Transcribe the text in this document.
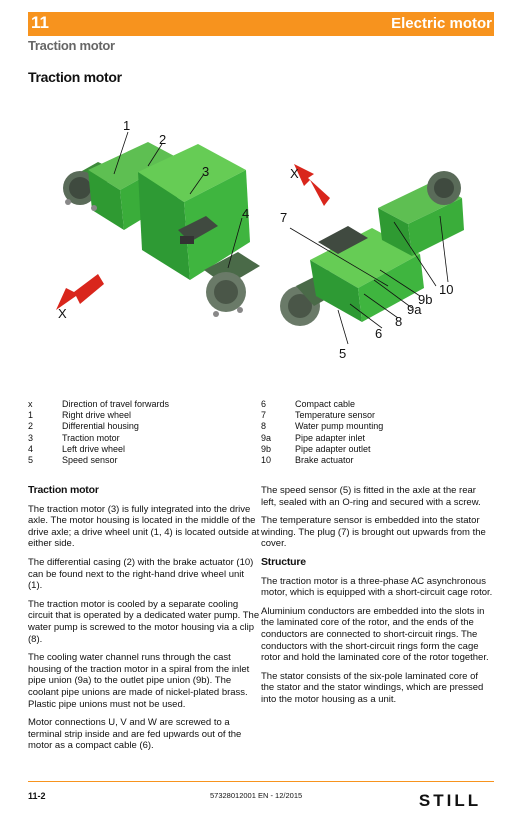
11	Electric motor
Traction motor
Traction motor
1
2
3
4
X
X
7
10
9b
9a
8
6
5
x	Direction of travel forwards
1	Right drive wheel
2	Differential housing
3	Traction motor
4	Left drive wheel
5	Speed sensor
6	Compact cable
7	Temperature sensor
8	Water pump mounting
9a	Pipe adapter inlet
9b	Pipe adapter outlet
10	Brake actuator
Traction motor

The traction motor (3) is fully integrated into the drive axle. The motor housing is located in the middle of the drive axle; a drive wheel unit (1, 4) is located outside at either side.

The differential casing (2) with the brake actuator (10) can be found next to the right-hand drive wheel unit (1).

The traction motor is cooled by a separate cooling circuit that is operated by a dedicated water pump. The water pump is screwed to the motor housing via a clip (8).

The cooling water channel runs through the cast housing of the traction motor in a spiral from the inlet pipe union (9a) to the outlet pipe union (9b). The coolant pipe unions are made of nickel-plated brass. Plastic pipe unions must not be used.

Motor connections U, V and W are screwed to a terminal strip inside and are fed upwards out of the motor as a compact cable (6).

The speed sensor (5) is fitted in the axle at the rear left, sealed with an O-ring and secured with a screw.

The temperature sensor is embedded into the stator winding. The plug (7) is brought out upwards from the cover.

Structure

The traction motor is a three-phase AC asynchronous motor, which is equipped with a short-circuit cage rotor.

Aluminium conductors are embedded into the slots in the laminated core of the rotor, and the ends of the conductors are connected to short-circuit rings. The conductors with the short-circuit rings form the cage rotor and hold the laminated core of the rotor together.

The stator consists of the six-pole laminated core of the stator and the stator windings, which are pressed into the motor housing as a unit.

11-2	57328012001 EN - 12/2015	STILL
